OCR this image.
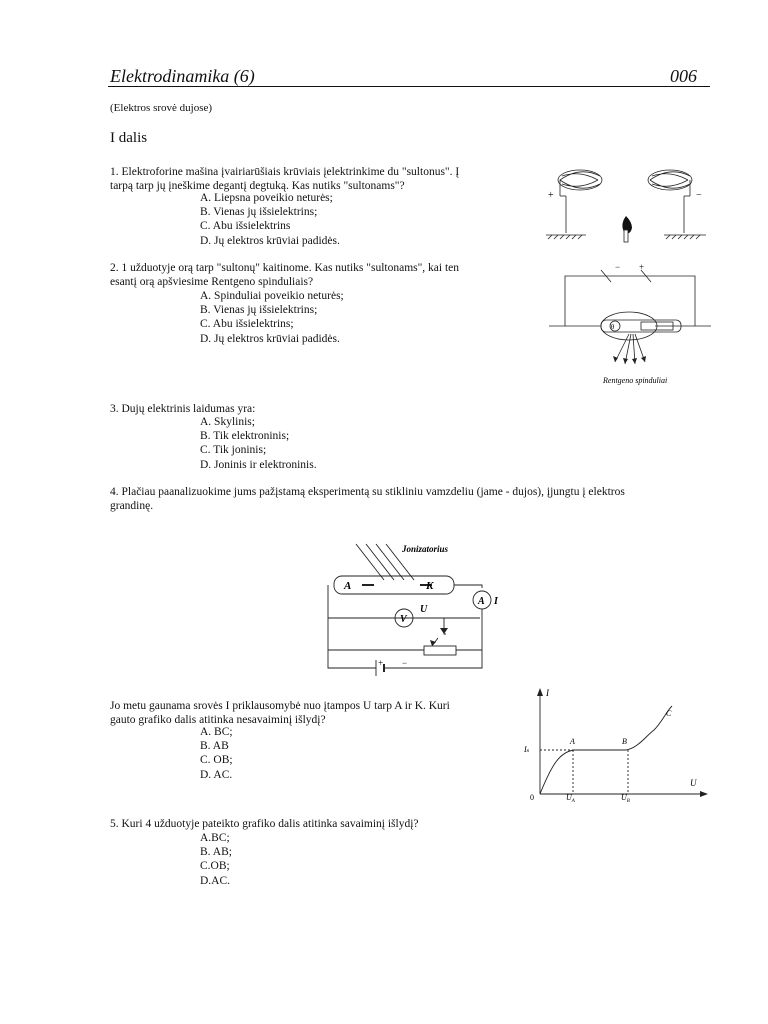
Elektrodinamika (6)	006
(Elektros srovė dujose)
I dalis
1. Elektroforine mašina įvairiarūšiais krūviais įelektrinkime du "sultonus". Į
tarpą tarp jų įneškime degantį degtuką. Kas nutiks "sultonams"?
A. Liepsna poveikio neturės;
B. Vienas jų išsielektrins;
C. Abu išsielektrins
D. Jų elektros krūviai padidės.
+	−
2. 1 užduotyje orą tarp "sultonų" kaitinome. Kas nutiks "sultonams", kai ten
esantį orą apšviesime Rentgeno spinduliais?
A. Spinduliai poveikio neturės;
B. Vienas jų išsielektrins;
C. Abu išsielektrins;
D. Jų elektros krūviai padidės.
θ
− +
Rentgeno spinduliai
3. Dujų elektrinis laidumas yra:
A. Skylinis;
B. Tik elektroninis;
C. Tik joninis;
D. Joninis ir elektroninis.
4. Plačiau paanalizuokime jums pažįstamą eksperimentą su stikliniu vamzdeliu (jame - dujos), įjungtu į elektros
grandinę.
Jonizatorius
A	K
A I
U
V
+ −
Jo metu gaunama srovės I priklausomybė nuo įtampos U tarp A ir K. Kuri
gauto grafiko dalis atitinka nesavaiminį išlydį?
A. BC;
B. AB
C. OB;
D. AC.
I
U
0
Iₛ
A	B
C
$U_A$	$U_B$
5. Kuri 4 užduotyje pateikto grafiko dalis atitinka savaiminį išlydį?
A.BC;
B. AB;
C.OB;
D.AC.
